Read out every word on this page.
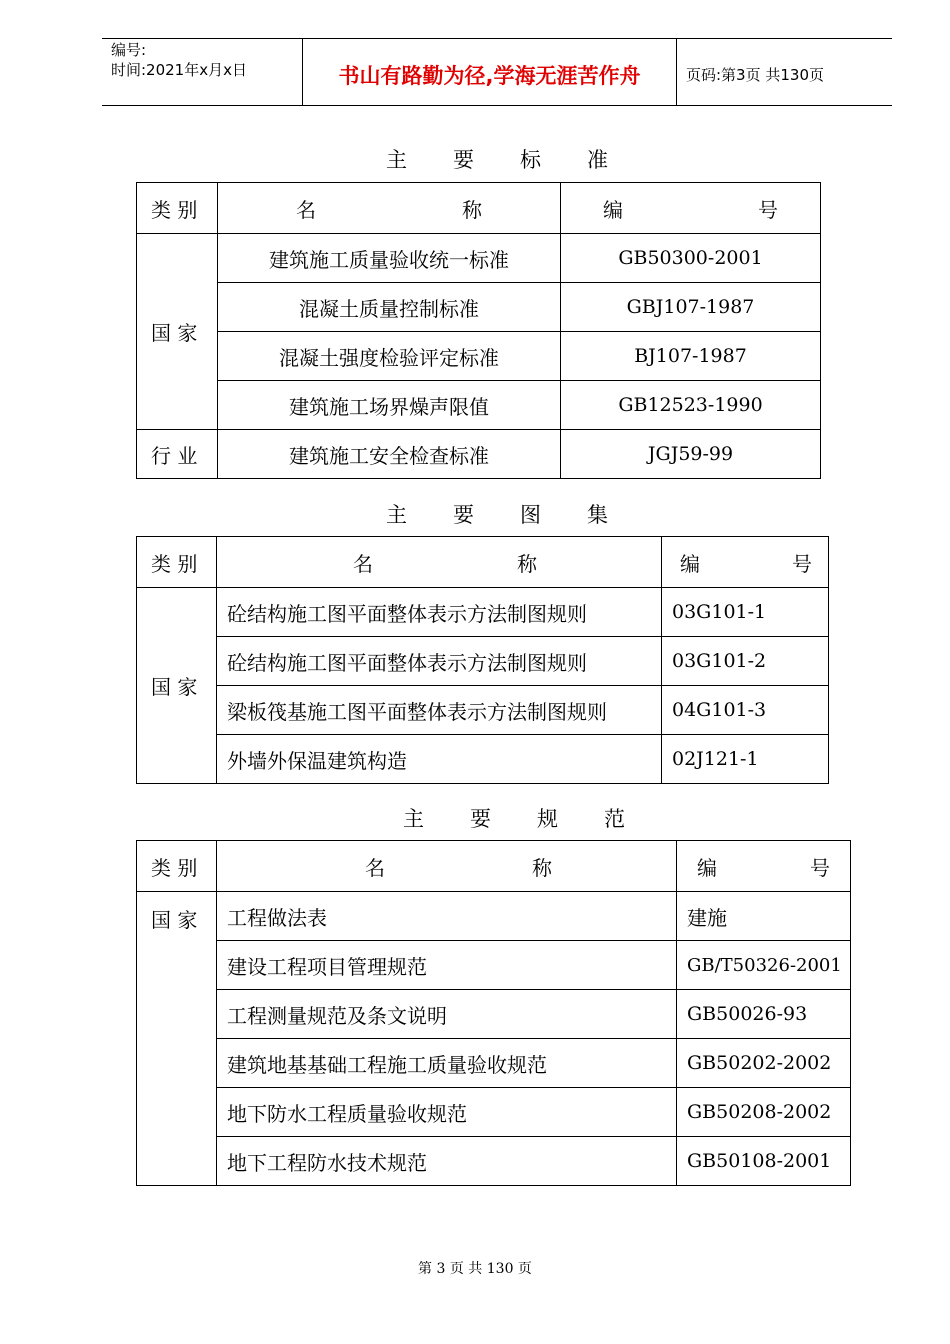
编号:
时间:2021年x月x日	书山有路勤为径,学海无涯苦作舟	页码:第3页 共130页
主	要	标	准
类 别	名 称	编 号

国 家	建筑施工质量验收统一标准	GB50300-2001
	混凝土质量控制标准	GBJ107-1987
	混凝土强度检验评定标准	BJ107-1987
	建筑施工场界燥声限值	GB12523-1990
行 业	建筑施工安全检查标准	JGJ59-99
主	要	图	集
类 别	名 称	编 号

国 家	砼结构施工图平面整体表示方法制图规则	03G101-1
	砼结构施工图平面整体表示方法制图规则	03G101-2
	梁板筏基施工图平面整体表示方法制图规则	04G101-3
	外墙外保温建筑构造	02J121-1
主	要	规	范
类 别	名 称	编 号

国 家	工程做法表	建施
	建设工程项目管理规范	GB/T50326-2001
	工程测量规范及条文说明	GB50026-93
	建筑地基基础工程施工质量验收规范	GB50202-2002
	地下防水工程质量验收规范	GB50208-2002
	地下工程防水技术规范	GB50108-2001
第 3 页 共 130 页
